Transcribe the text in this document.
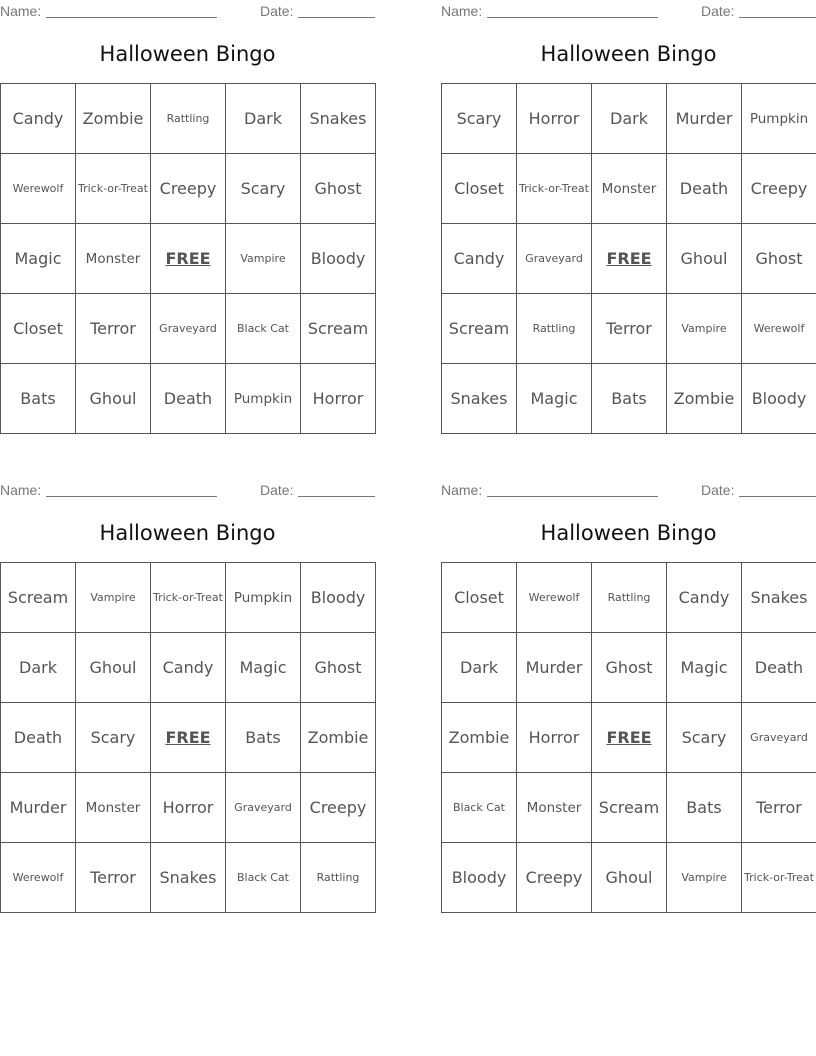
Name:	Date:
Halloween Bingo
Candy	Zombie	Rattling	Dark	Snakes
Werewolf	Trick-or-Treat	Creepy	Scary	Ghost
Magic	Monster	FREE	Vampire	Bloody
Closet	Terror	Graveyard	Black Cat	Scream
Bats	Ghoul	Death	Pumpkin	Horror
Name:	Date:
Halloween Bingo
Scary	Horror	Dark	Murder	Pumpkin
Closet	Trick-or-Treat	Monster	Death	Creepy
Candy	Graveyard	FREE	Ghoul	Ghost
Scream	Rattling	Terror	Vampire	Werewolf
Snakes	Magic	Bats	Zombie	Bloody
Name:	Date:
Halloween Bingo
Scream	Vampire	Trick-or-Treat	Pumpkin	Bloody
Dark	Ghoul	Candy	Magic	Ghost
Death	Scary	FREE	Bats	Zombie
Murder	Monster	Horror	Graveyard	Creepy
Werewolf	Terror	Snakes	Black Cat	Rattling
Name:	Date:
Halloween Bingo
Closet	Werewolf	Rattling	Candy	Snakes
Dark	Murder	Ghost	Magic	Death
Zombie	Horror	FREE	Scary	Graveyard
Black Cat	Monster	Scream	Bats	Terror
Bloody	Creepy	Ghoul	Vampire	Trick-or-Treat
